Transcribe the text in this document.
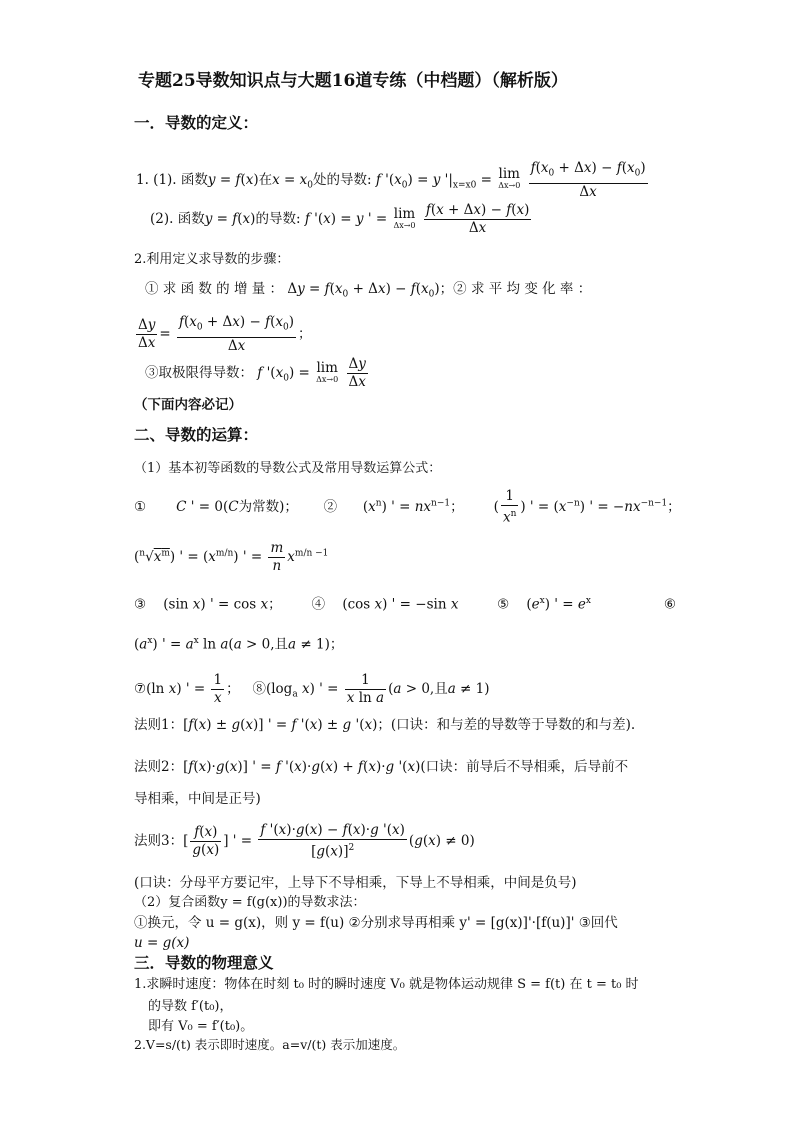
专题25导数知识点与大题16道专练（中档题）（解析版）
一．导数的定义：
1. (1). 函数y = f(x)在$x = x_0$处的导数: f '$(x_0) = y$ '$|_{x=x0} = \lim$
Δx→0
$\frac{f(x_0 + \Delta x) - f(x_0)}{\Delta x}$
(2). 函数y = f(x)的导数: f '(x) = y ' = lim
Δx→0
$\frac{f(x + \Delta x) - f(x)}{\Delta x}$
2.利用定义求导数的步骤：
① 求 函 数 的 增 量 ： $\Delta y = f(x_0 + \Delta x) - f(x_0)$；② 求 平 均 变 化 率 ：
$\frac{\Delta y}{\Delta x} = \frac{f(x_0 + \Delta x) - f(x_0)}{\Delta x}$ ；
③取极限得导数： f '$(x_0) = \lim$
Δx→0
$\frac{\Delta y}{\Delta x}$
（下面内容必记）
二、导数的运算：
（1）基本初等函数的导数公式及常用导数运算公式：
①       C ' = 0(C为常数)；      ②      $(x^n)$ ' = $nx^{n-1}$；       ( $\frac{1}{x^n}$ ) ' = $(x^{-n})$ ' = $-nx^{-n-1}$；
$(^n√x^m)$ ' = $(x^{m/n})$ ' = $\frac{m}{n} x^{m/n -1}$
③    (sin x) ' = cos x；       ④    (cos x) ' = −sin x         ⑤    $(e^x)$ ' = $e^x$                 ⑥
$(a^x)$ ' = $a^x$ ln a(a > 0,且a ≠ 1)；
⑦(ln x) ' = $\frac{1}{x}$ ；   $⑧(\log_a$ x) ' = $\frac{1}{\text{x ln a}} (a > 0$,且a ≠ 1)
法则1：[f(x) ± g(x)] ' = f '(x) ± g '(x)；(口诀：和与差的导数等于导数的和与差).
法则2：[f(x)·g(x)] ' = f '(x)·g(x) + f(x)·g '(x)(口诀：前导后不导相乘，后导前不
导相乘，中间是正号)
法则3：[ $\frac{f(x)}{g(x)}$ ] ' = $\frac{f '(x)\cdot g(x) - f(x)\cdot g '(x)}{[g(x)]^2} (g(x) \ne 0)$
(口诀：分母平方要记牢，上导下不导相乘，下导上不导相乘，中间是负号)
（2）复合函数y = f(g(x))的导数求法：
①换元，令 u = g(x)，则 y = f(u) ②分别求导再相乘 y' = [g(x)]'·[f(u)]' ③回代
u = g(x)
三．导数的物理意义
1.求瞬时速度：物体在时刻 t₀ 时的瞬时速度 V₀ 就是物体运动规律 S = f(t) 在 t = t₀ 时
的导数 f′(t₀)，
即有 V₀ = f′(t₀)。
2.V=s/(t) 表示即时速度。a=v/(t) 表示加速度。
